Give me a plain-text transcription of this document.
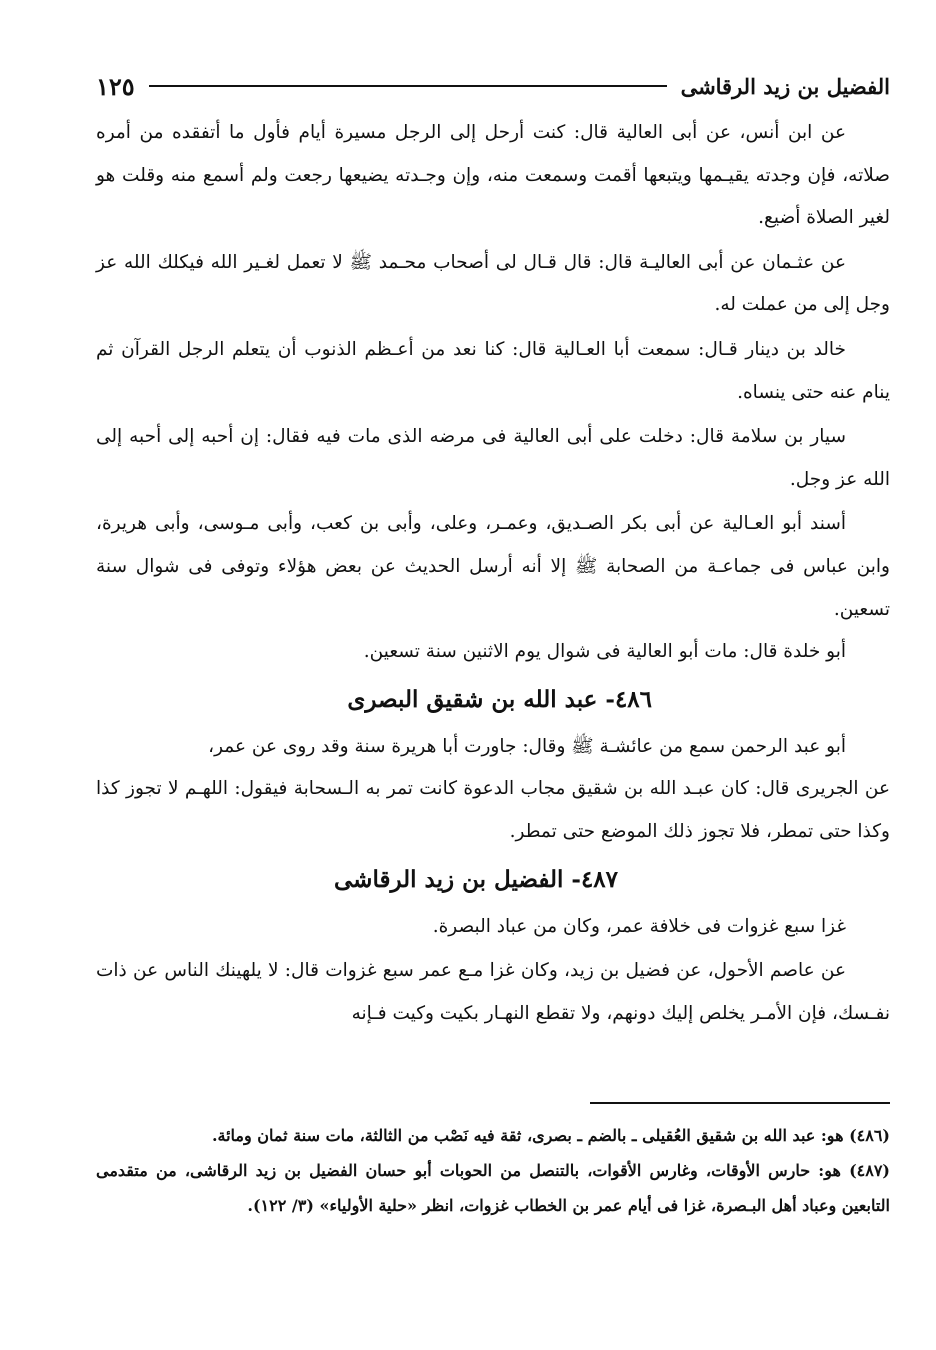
الفضيل بن زيد الرقاشى
١٢٥

عن ابن أنس، عن أبى العالية قال: كنت أرحل إلى الرجل مسيرة أيام فأول ما أتفقده من أمره صلاته، فإن وجدته يقيـمها ويتبعها أقمت وسمعت منه، وإن وجـدته يضيعها رجعت ولم أسمع منه وقلت هو لغير الصلاة أضيع.

عن عثـمان عن أبى العاليـة قال: قال قـال لى أصحاب محـمد ﷺ لا تعمل لغـير الله فيكلك الله عز وجل إلى من عملت له.

خالد بن دينار قـال: سمعت أبا العـالية قال: كنا نعد من أعـظم الذنوب أن يتعلم الرجل القرآن ثم ينام عنه حتى ينساه.

سيار بن سلامة قال: دخلت على أبى العالية فى مرضه الذى مات فيه فقال: إن أحبه إلى أحبه إلى الله عز وجل.

أسند أبو العـالية عن أبى بكر الصـديق، وعمـر، وعلى، وأبى بن كعب، وأبى مـوسى، وأبى هريرة، وابن عباس فى جماعـة من الصحابة ﷺ إلا أنه أرسل الحديث عن بعض هؤلاء وتوفى فى شوال سنة تسعين.

أبو خلدة قال: مات أبو العالية فى شوال يوم الاثنين سنة تسعين.

٤٨٦- عبد الله بن شقيق البصرى

أبو عبد الرحمن سمع من عائشـة ﷺ وقال: جاورت أبا هريرة سنة وقد روى عن عمر،

عن الجريرى قال: كان عبـد الله بن شقيق مجاب الدعوة كانت تمر به الـسحابة فيقول: اللهـم لا تجوز كذا وكذا حتى تمطر، فلا تجوز ذلك الموضع حتى تمطر.

٤٨٧- الفضيل بن زيد الرقاشى

غزا سبع غزوات فى خلافة عمر، وكان من عباد البصرة.

عن عاصم الأحول، عن فضيل بن زيد، وكان غزا مـع عمر سبع غزوات قال: لا يلهينك الناس عن ذات نفـسك، فإن الأمـر يخلص إليك دونهم، ولا تقطع النهـار بكيت وكيت فـإنه

(٤٨٦) هو: عبد الله بن شقيق العُقيلى ـ بالضم ـ بصرى، ثقة فيه نَصْب من الثالثة، مات سنة ثمان ومائة.

(٤٨٧) هو: حارس الأوقات، وغارس الأقوات، بالتنصل من الحوبات أبو حسان الفضيل بن زيد الرقاشى، من متقدمى التابعين وعباد أهل البـصرة، غزا فى أيام عمر بن الخطاب غزوات، انظر «حلية الأولياء» (٣/ ١٢٢).
